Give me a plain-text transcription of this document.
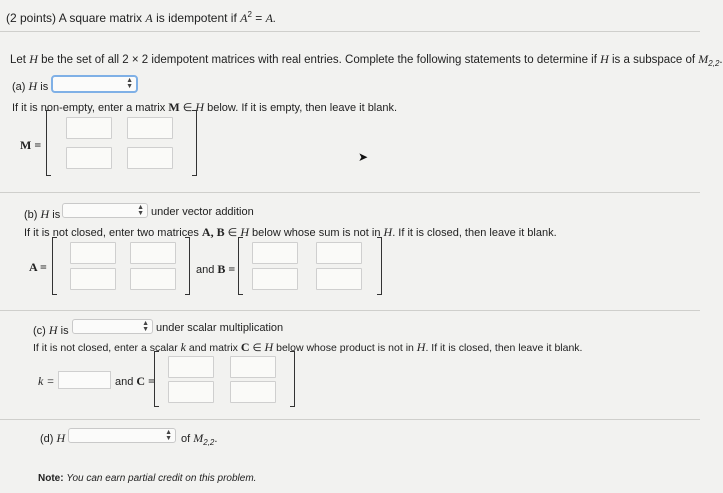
(2 points) A square matrix A is idempotent if $A^2 = A$.
Let H be the set of all 2 × 2 idempotent matrices with real entries. Complete the following statements to determine if H is a subspace of $M_{2,2}$.
(a) H is
▲
▼
If it is non-empty, enter a matrix M ∈ H below. If it is empty, then leave it blank.
M =
➤
(b) H is
▲
▼ under vector addition
If it is not closed, enter two matrices A, B ∈ H below whose sum is not in H. If it is closed, then leave it blank.
A =	and B =
(c) H is
▲
▼ under scalar multiplication
If it is not closed, enter a scalar k and matrix C ∈ H below whose product is not in H. If it is closed, then leave it blank.
k =	and C =
(d) H	▲
▼ of $M_{2,2}$.
Note: You can earn partial credit on this problem.
